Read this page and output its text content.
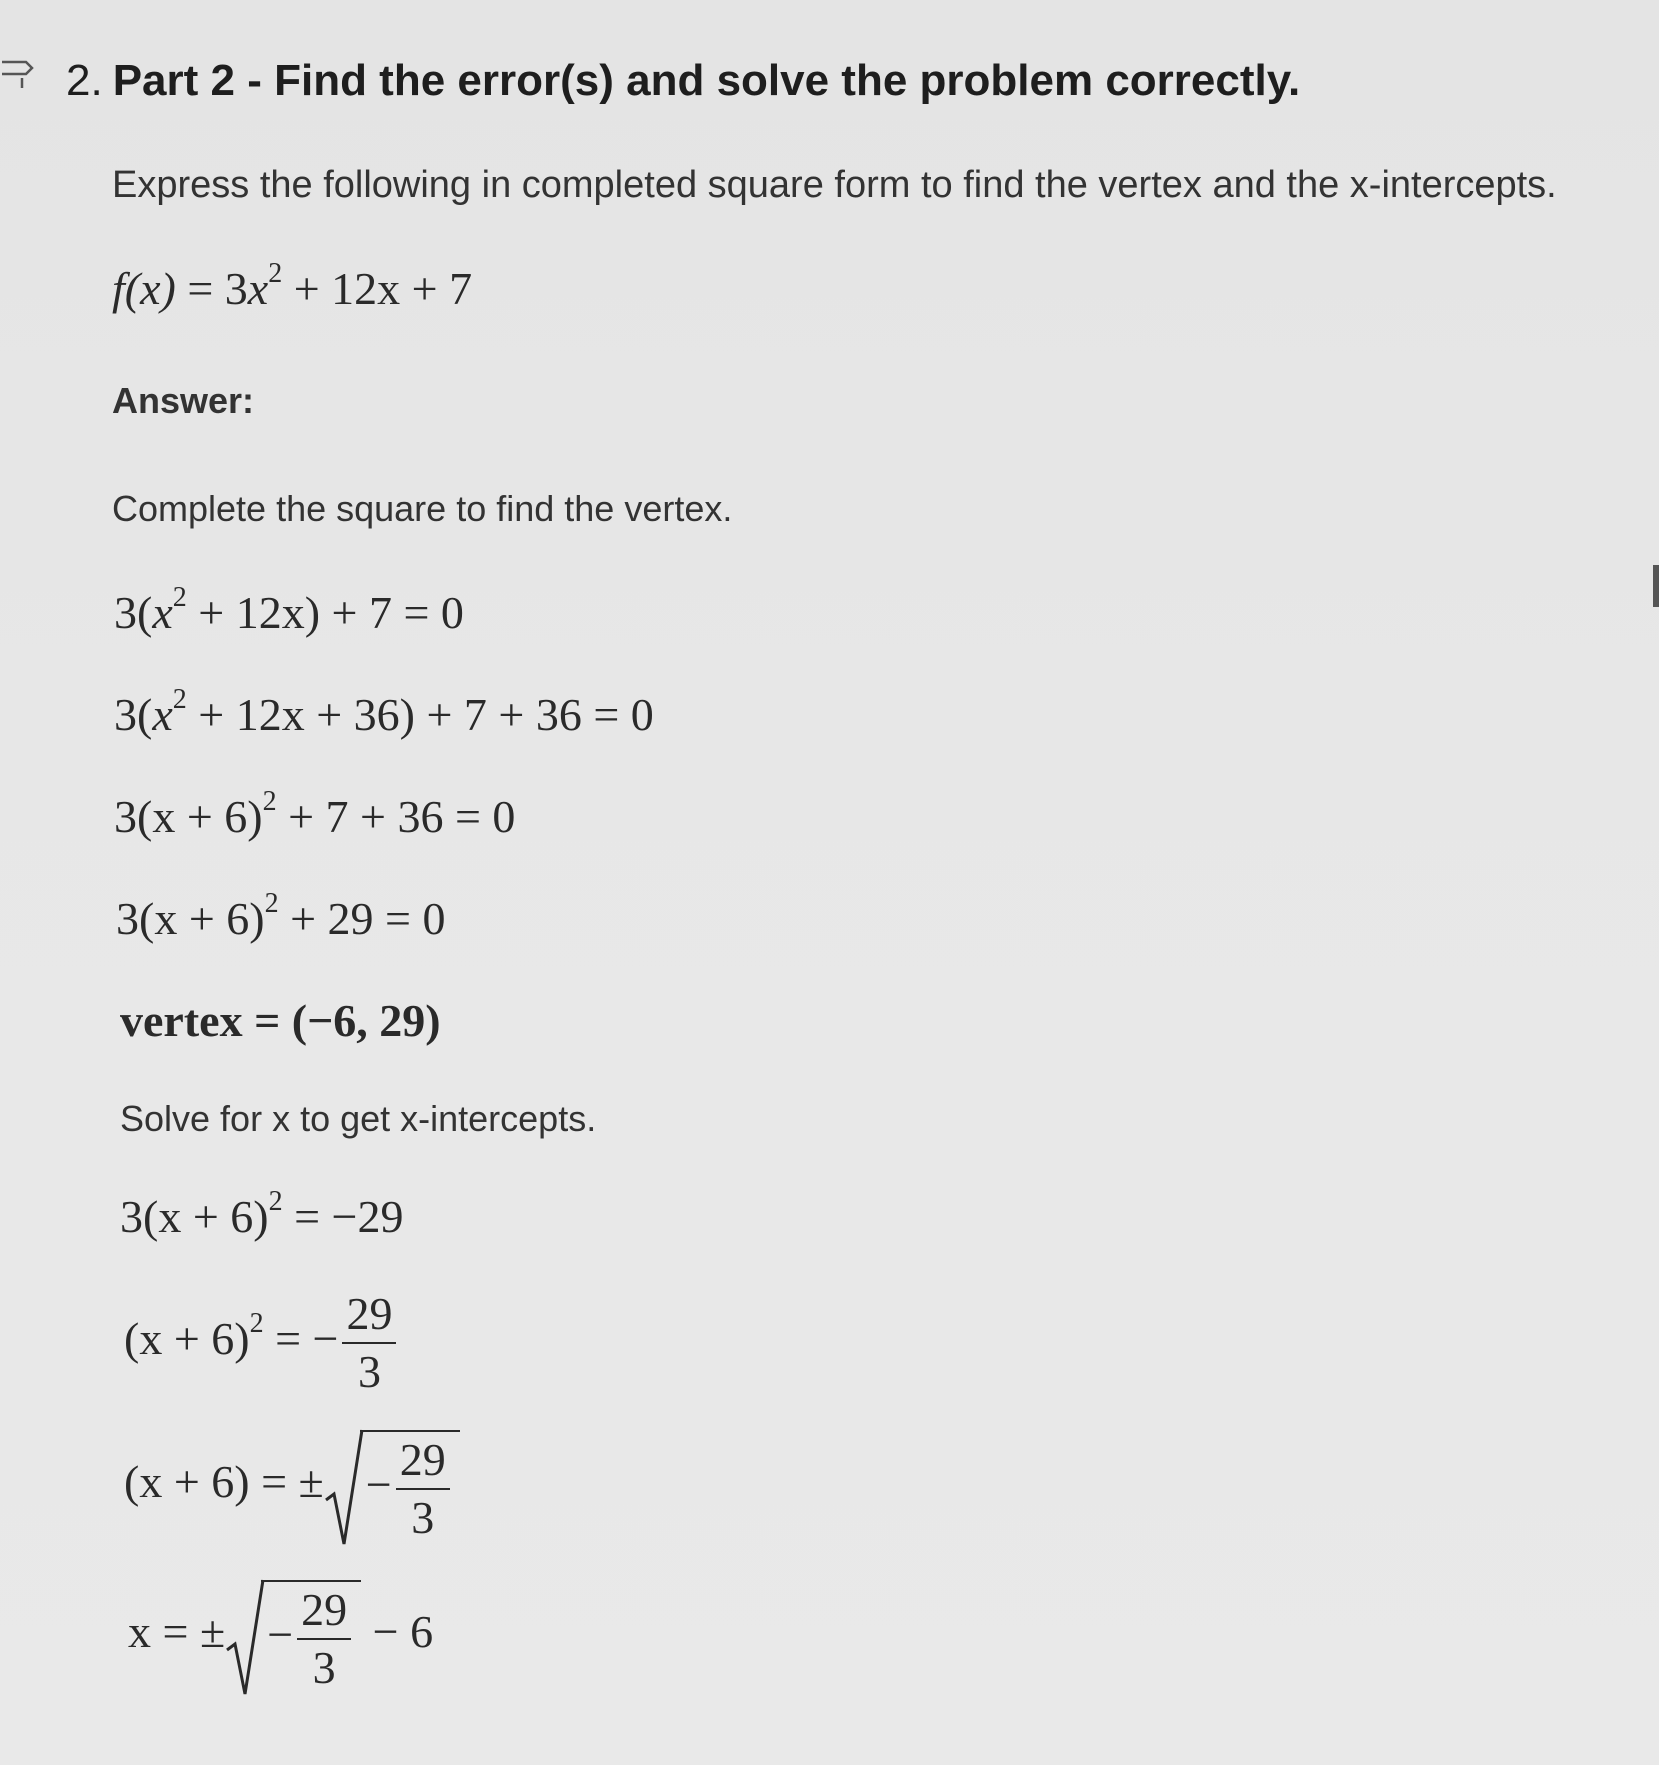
2. Part 2 - Find the error(s) and solve the problem correctly.
Express the following in completed square form to find the vertex and the x-intercepts.
$f(x) = 3x^2 + 12x + 7$
Answer:
Complete the square to find the vertex.
$3(x^2 + 12x) + 7 = 0$
$3(x^2 + 12x + 36) + 7 + 36 = 0$
$3(x + 6)^2 + 7 + 36 = 0$
$3(x + 6)^2 + 29 = 0$
vertex = (−6, 29)
Solve for x to get x-intercepts.
$3(x + 6)^2 = -29$
$(x + 6)^2$ = − $\frac{29}{3}$
(x + 6) = ± − $\frac{29}{3}$
x = ± − $\frac{29}{3} - 6$
